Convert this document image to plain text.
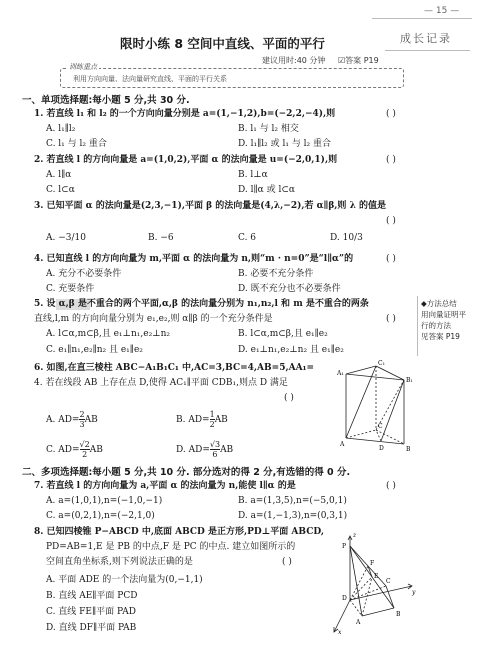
— 15 —
成长记录
限时小练 8 空间中直线、平面的平行
建议用时:40 分钟 ☑答案 P19
训练重点
利用方向向量、法向量研究直线、平面的平行关系
一、单项选择题:每小题 5 分,共 30 分.
1. 若直线 l₁ 和 l₂ 的一个方向向量分别是 a=(1,−1,2),b=(−2,2,−4),则	( )
A. l₁∥l₂	B. l₁ 与 l₂ 相交
C. l₁ 与 l₂ 重合	D. l₁∥l₂ 或 l₁ 与 l₂ 重合
2. 若直线 l 的方向向量是 a=(1,0,2),平面 α 的法向量是 u=(−2,0,1),则	( )
A. l∥α	B. l⊥α
C. l⊂α	D. l∥α 或 l⊂α
3. 已知平面 α 的法向量是(2,3,−1),平面 β 的法向量是(4,λ,−2),若 α∥β,则 λ 的值是
( )
A. −3/10	B. −6	C. 6	D. 10/3
4. 已知直线 l 的方向向量为 m,平面 α 的法向量为 n,则“m · n=0”是“l∥α”的	( )
A. 充分不必要条件	B. 必要不充分条件
C. 充要条件	D. 既不充分也不必要条件
5. 设 α,β 是不重合的两个平面,α,β 的法向量分别为 n₁,n₂,l 和 m 是不重合的两条
直线,l,m 的方向向量分别为 e₁,e₂,则 α∥β 的一个充分条件是	( )
A. l⊂α,m⊂β,且 e₁⊥n₁,e₂⊥n₂	B. l⊂α,m⊂β,且 e₁∥e₂
C. e₁∥n₁,e₂∥n₂ 且 e₁∥e₂	D. e₁⊥n₁,e₂⊥n₂ 且 e₁∥e₂
◆方法总结
用向量证明平
行的方法
见答案 P19
6. 如图,在直三棱柱 ABC−A₁B₁C₁ 中,AC=3,BC=4,AB=5,AA₁=
4. 若在线段 AB 上存在点 D,使得 AC₁∥平面 CDB₁,则点 D 满足
( )
A. $AD= \frac{2}{3}$ AB	B. $AD= \frac{1}{2}$ AB
C. $AD= \frac{√2}{2}$ AB	D. $AD= \frac{√3}{6}$ AB
C₁
A₁
B₁
C
A
D	B
二、多项选择题:每小题 5 分,共 10 分. 部分选对的得 2 分,有选错的得 0 分.
7. 若直线 l 的方向向量为 a,平面 α 的法向量为 n,能使 l∥α 的是	( )
A. a=(1,0,1),n=(−1,0,−1)	B. a=(1,3,5),n=(−5,0,1)
C. a=(0,2,1),n=(−2,1,0)	D. a=(1,−1,3),n=(0,3,1)
8. 已知四棱锥 P−ABCD 中,底面 ABCD 是正方形,PD⊥平面 ABCD,
PD=AB=1,E 是 PB 的中点,F 是 PC 的中点. 建立如图所示的
空间直角坐标系,则下列说法正确的是	( )
A. 平面 ADE 的一个法向量为(0,−1,1)
B. 直线 AE∥平面 PCD
C. 直线 FE∥平面 PAD
D. 直线 DF∥平面 PAB
z
P
F
E
D
C
y
A
B
x
